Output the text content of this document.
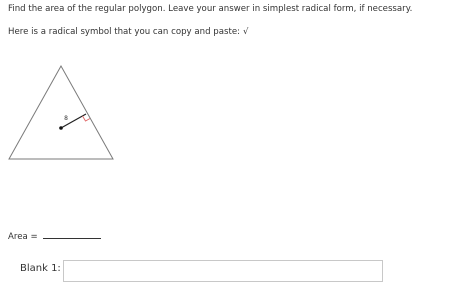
Find the area of the regular polygon. Leave your answer in simplest radical form, if necessary.
Here is a radical symbol that you can copy and paste: √
8
Area =
Blank 1:
